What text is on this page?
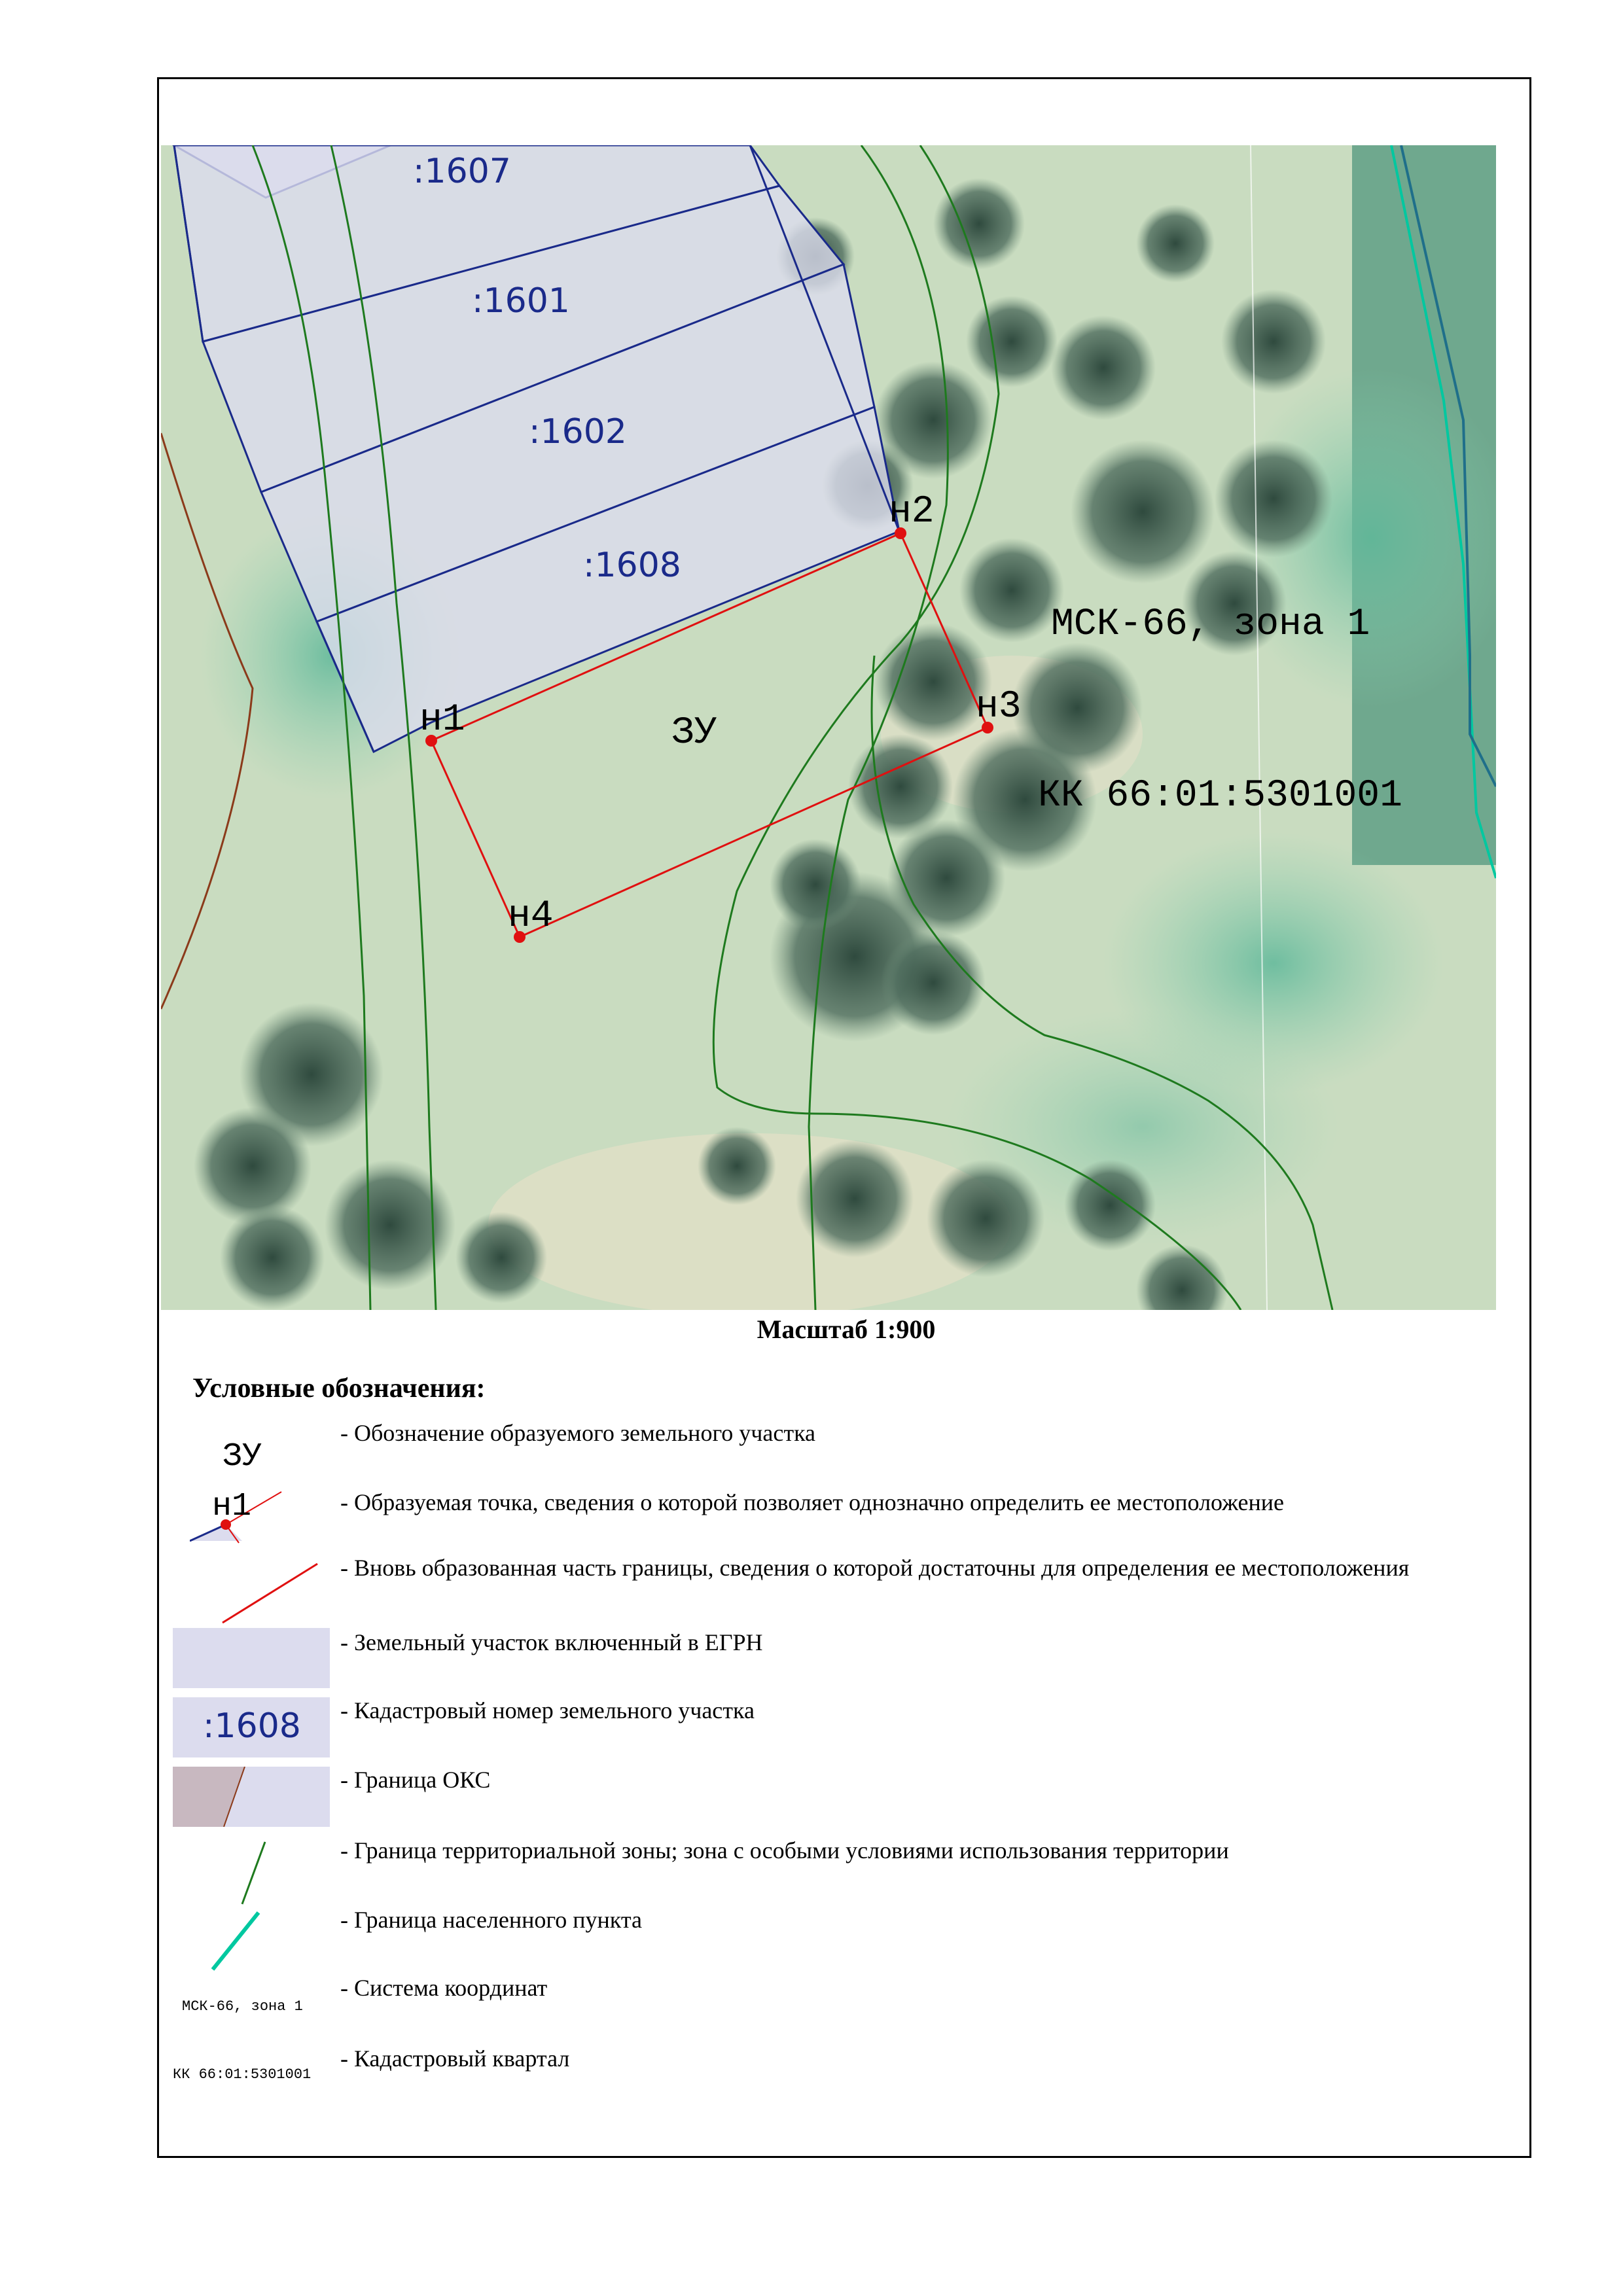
:1607
:1601
:1602
:1608
н1
н2
н3
н4
ЗУ
МСК-66, зона 1
КК 66:01:5301001
Масштаб 1:900
Условные обозначения:
ЗУ
- Обозначение образуемого земельного участка
н1	- Образуемая точка, сведения о которой позволяет однозначно определить ее местоположение
- Вновь образованная часть границы, сведения о которой достаточны для определения ее местоположения
- Земельный участок включенный в ЕГРН
:1608 - Кадастровый номер земельного участка
- Граница ОКС
- Граница территориальной зоны; зона с особыми условиями использования территории
- Граница населенного пункта
МСК-66, зона 1
- Система координат
КК 66:01:5301001
- Кадастровый квартал
